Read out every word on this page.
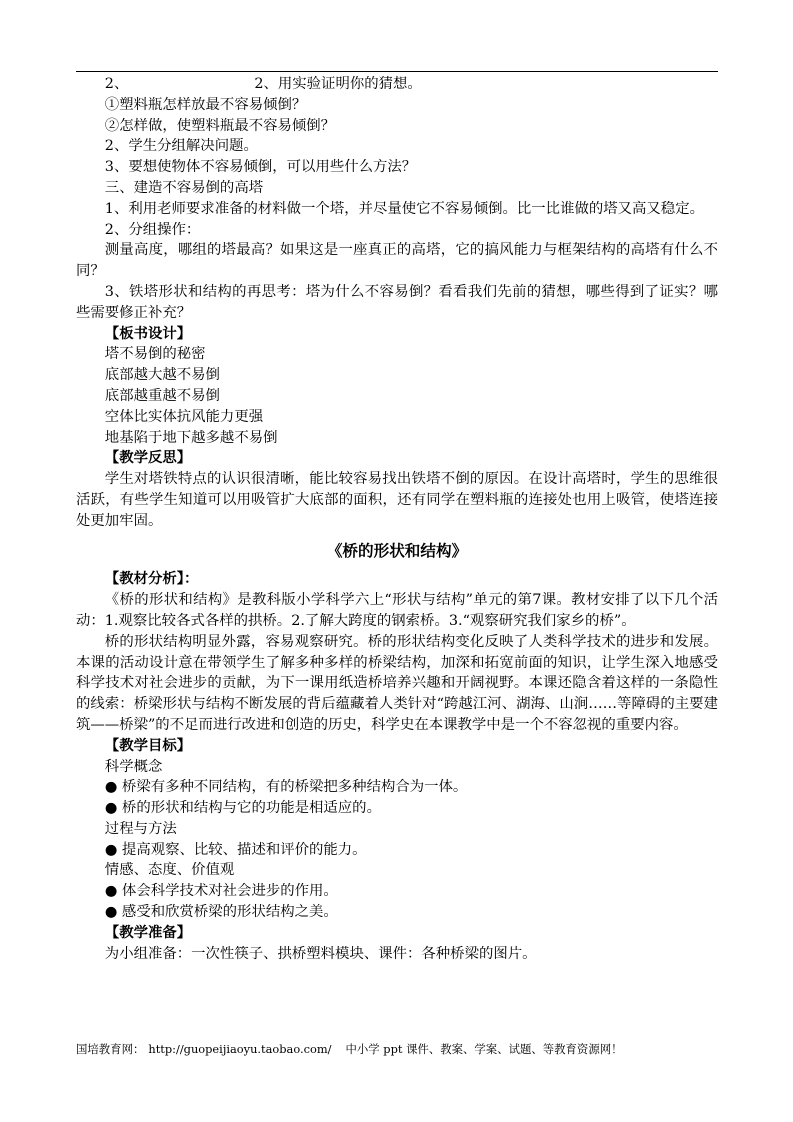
2、	2、用实验证明你的猜想。

①塑料瓶怎样放最不容易倾倒？

②怎样做，使塑料瓶最不容易倾倒？

2、学生分组解决问题。

3、要想使物体不容易倾倒，可以用些什么方法？

三、建造不容易倒的高塔

1、利用老师要求准备的材料做一个塔，并尽量使它不容易倾倒。比一比谁做的塔又高又稳定。

2、分组操作：

测量高度，哪组的塔最高？如果这是一座真正的高塔，它的搞风能力与框架结构的高塔有什么不同？

3、铁塔形状和结构的再思考：塔为什么不容易倒？看看我们先前的猜想，哪些得到了证实？哪些需要修正补充？

【板书设计】

塔不易倒的秘密

底部越大越不易倒

底部越重越不易倒

空体比实体抗风能力更强

地基陷于地下越多越不易倒

【教学反思】

学生对塔铁特点的认识很清晰，能比较容易找出铁塔不倒的原因。在设计高塔时，学生的思维很活跃，有些学生知道可以用吸管扩大底部的面积，还有同学在塑料瓶的连接处也用上吸管，使塔连接处更加牢固。

《桥的形状和结构》

【教材分析】：

《桥的形状和结构》是教科版小学科学六上“形状与结构”单元的第7课。教材安排了以下几个活动：1.观察比较各式各样的拱桥。2.了解大跨度的钢索桥。3.“观察研究我们家乡的桥”。

桥的形状结构明显外露，容易观察研究。桥的形状结构变化反映了人类科学技术的进步和发展。本课的活动设计意在带领学生了解多种多样的桥梁结构，加深和拓宽前面的知识，让学生深入地感受科学技术对社会进步的贡献，为下一课用纸造桥培养兴趣和开阔视野。本课还隐含着这样的一条隐性的线索：桥梁形状与结构不断发展的背后蕴藏着人类针对“跨越江河、湖海、山涧……等障碍的主要建筑——桥梁”的不足而进行改进和创造的历史，科学史在本课教学中是一个不容忽视的重要内容。

【教学目标】

科学概念

● 桥梁有多种不同结构，有的桥梁把多种结构合为一体。

● 桥的形状和结构与它的功能是相适应的。

过程与方法

● 提高观察、比较、描述和评价的能力。

情感、态度、价值观

● 体会科学技术对社会进步的作用。

● 感受和欣赏桥梁的形状结构之美。

【教学准备】

为小组准备：一次性筷子、拱桥塑料模块、课件：各种桥梁的图片。

国培教育网： http://guopeijiaoyu.taobao.com/ 中小学 ppt 课件、教案、学案、试题、等教育资源网！
